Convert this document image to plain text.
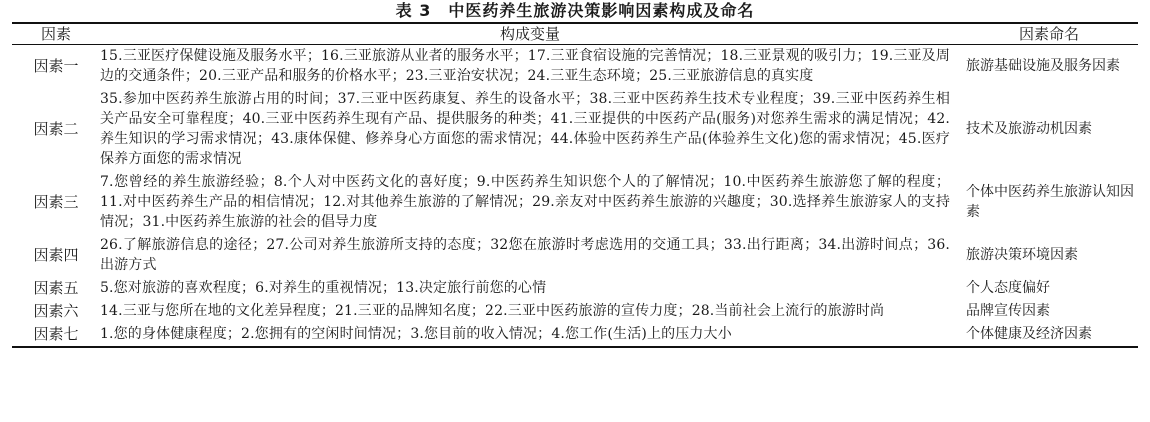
表 3　中医药养生旅游决策影响因素构成及命名
因素	构成变量	因素命名
因素一	15.三亚医疗保健设施及服务水平；16.三亚旅游从业者的服务水平；17.三亚食宿设施的完善情况；18.三亚景观的吸引力；19.三亚及周边的交通条件；20.三亚产品和服务的价格水平；23.三亚治安状况；24.三亚生态环境；25.三亚旅游信息的真实度	旅游基础设施及服务因素
因素二	35.参加中医药养生旅游占用的时间；37.三亚中医药康复、养生的设备水平；38.三亚中医药养生技术专业程度；39.三亚中医药养生相关产品安全可靠程度；40.三亚中医药养生现有产品、提供服务的种类；41.三亚提供的中医药产品(服务)对您养生需求的满足情况；42.养生知识的学习需求情况；43.康体保健、修养身心方面您的需求情况；44.体验中医药养生产品(体验养生文化)您的需求情况；45.医疗保养方面您的需求情况	技术及旅游动机因素
因素三	7.您曾经的养生旅游经验；8.个人对中医药文化的喜好度；9.中医药养生知识您个人的了解情况；10.中医药养生旅游您了解的程度；11.对中医药养生产品的相信情况；12.对其他养生旅游的了解情况；29.亲友对中医药养生旅游的兴趣度；30.选择养生旅游家人的支持情况；31.中医药养生旅游的社会的倡导力度	个体中医药养生旅游认知因素
因素四	26.了解旅游信息的途径；27.公司对养生旅游所支持的态度；32您在旅游时考虑选用的交通工具；33.出行距离；34.出游时间点；36.出游方式	旅游决策环境因素
因素五	5.您对旅游的喜欢程度；6.对养生的重视情况；13.决定旅行前您的心情	个人态度偏好
因素六	14.三亚与您所在地的文化差异程度；21.三亚的品牌知名度；22.三亚中医药旅游的宣传力度；28.当前社会上流行的旅游时尚	品牌宣传因素
因素七	1.您的身体健康程度；2.您拥有的空闲时间情况；3.您目前的收入情况；4.您工作(生活)上的压力大小	个体健康及经济因素
